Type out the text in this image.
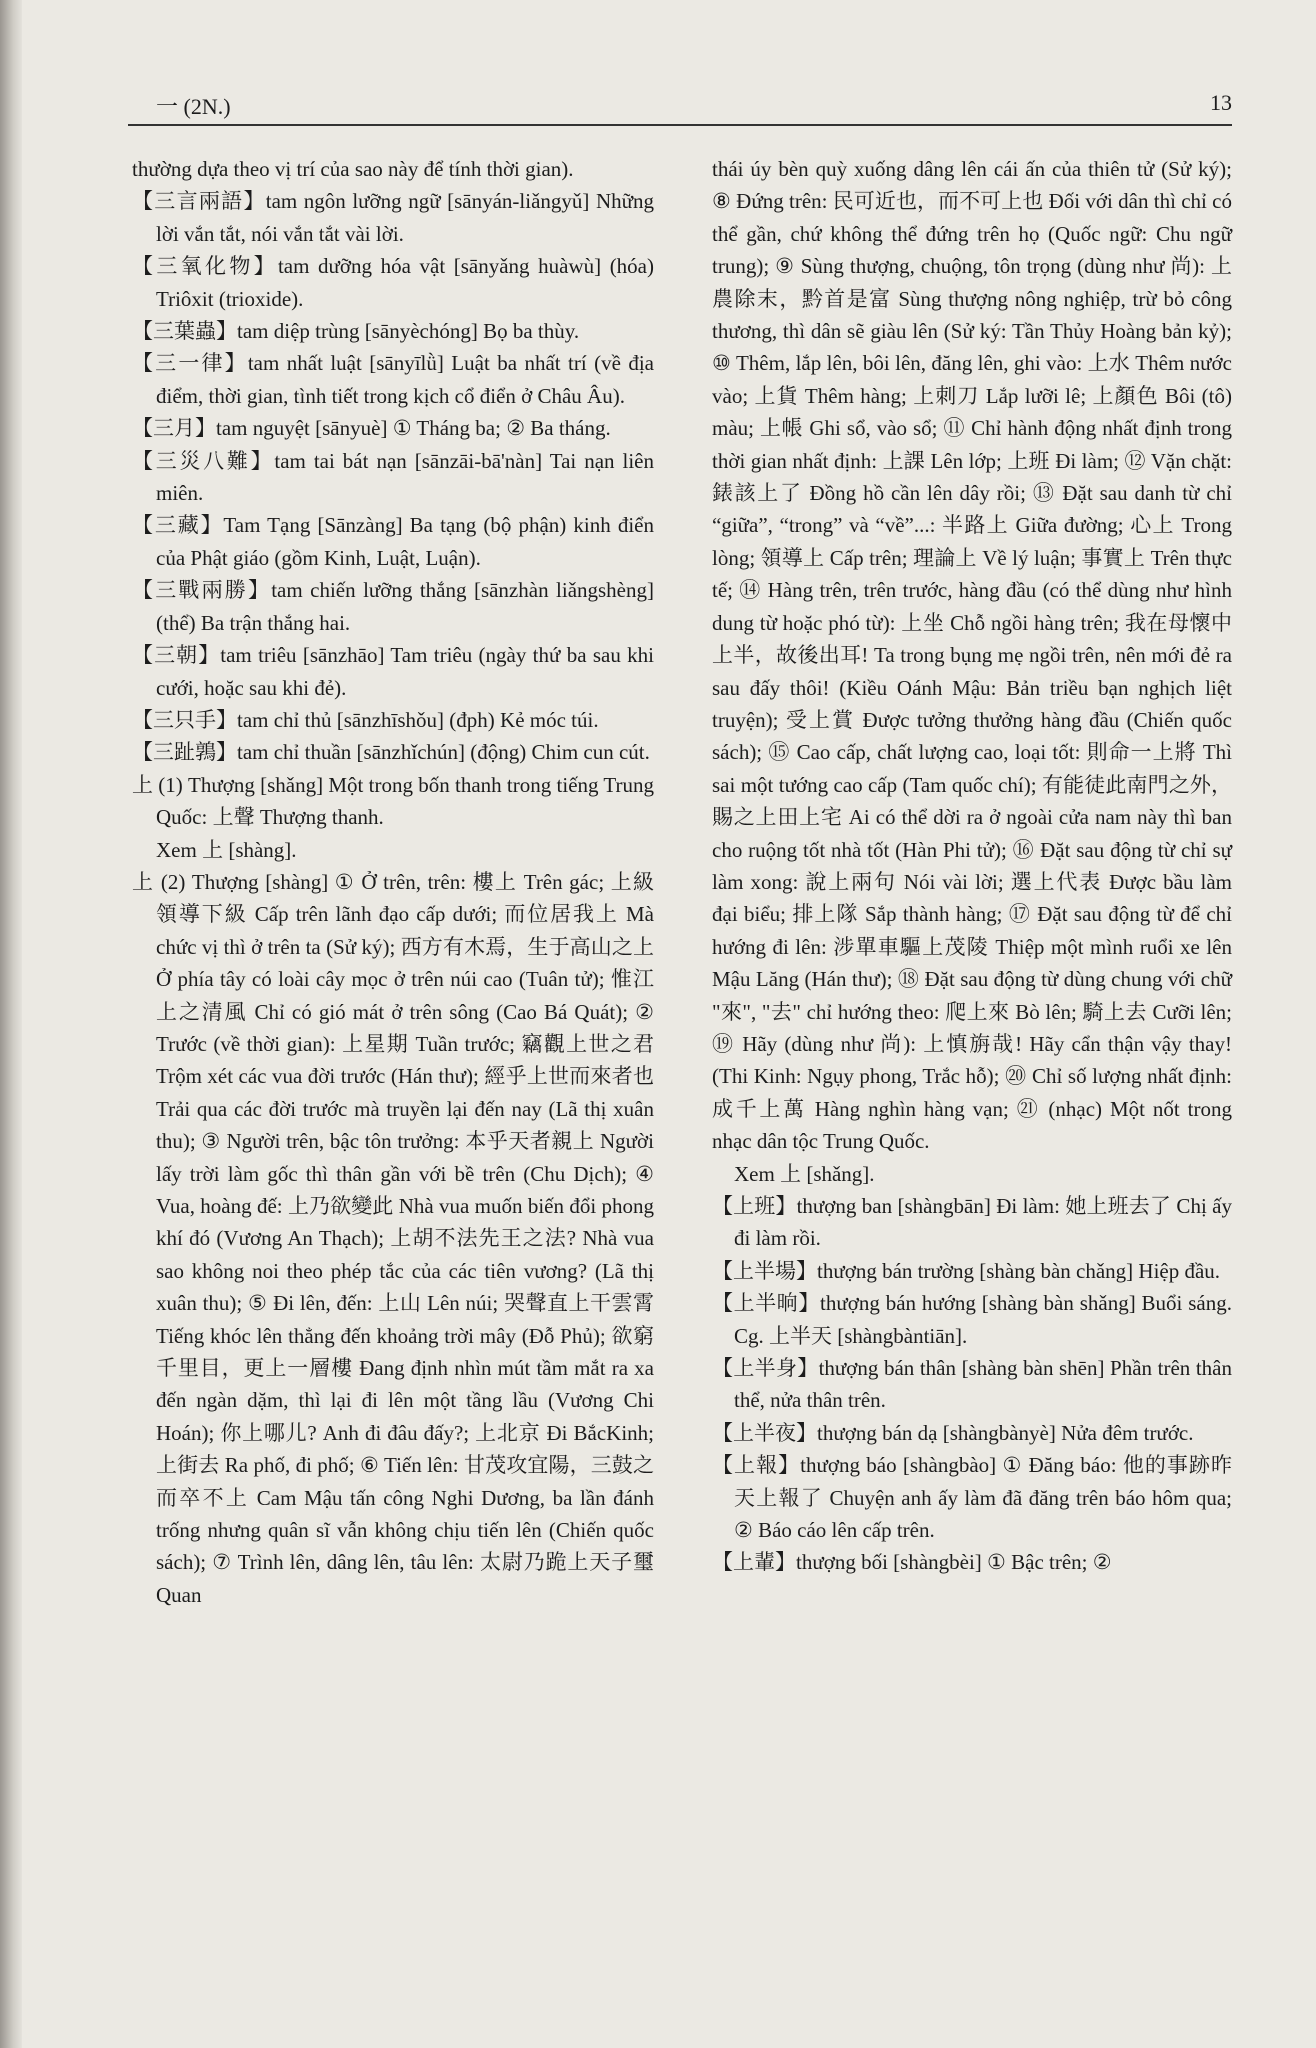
一 (2N.)	13

thường dựa theo vị trí của sao này để tính thời gian).

【三言兩語】tam ngôn lưỡng ngữ [sānyán-liǎngyǔ] Những lời vắn tắt, nói vắn tắt vài lời.

【三氧化物】tam dưỡng hóa vật [sānyǎng huàwù] (hóa) Triôxit (trioxide).

【三葉蟲】tam diệp trùng [sānyèchóng] Bọ ba thùy.

【三一律】tam nhất luật [sānyīlǜ] Luật ba nhất trí (về địa điểm, thời gian, tình tiết trong kịch cổ điển ở Châu Âu).

【三月】tam nguyệt [sānyuè] ① Tháng ba; ② Ba tháng.

【三災八難】tam tai bát nạn [sānzāi-bā'nàn] Tai nạn liên miên.

【三藏】Tam Tạng [Sānzàng] Ba tạng (bộ phận) kinh điển của Phật giáo (gồm Kinh, Luật, Luận).

【三戰兩勝】tam chiến lưỡng thắng [sānzhàn liǎngshèng] (thể) Ba trận thắng hai.

【三朝】tam triêu [sānzhāo] Tam triêu (ngày thứ ba sau khi cưới, hoặc sau khi đẻ).

【三只手】tam chỉ thủ [sānzhīshǒu] (đph) Kẻ móc túi.

【三趾鶉】tam chỉ thuần [sānzhǐchún] (động) Chim cun cút.

上 (1) Thượng [shǎng] Một trong bốn thanh trong tiếng Trung Quốc: 上聲 Thượng thanh.

Xem 上 [shàng].

上 (2) Thượng [shàng] ① Ở trên, trên: 樓上 Trên gác; 上級領導下級 Cấp trên lãnh đạo cấp dưới; 而位居我上 Mà chức vị thì ở trên ta (Sử ký); 西方有木焉，生于高山之上 Ở phía tây có loài cây mọc ở trên núi cao (Tuân tử); 惟江上之清風 Chỉ có gió mát ở trên sông (Cao Bá Quát); ② Trước (về thời gian): 上星期 Tuần trước; 竊觀上世之君 Trộm xét các vua đời trước (Hán thư); 經乎上世而來者也 Trải qua các đời trước mà truyền lại đến nay (Lã thị xuân thu); ③ Người trên, bậc tôn trưởng: 本乎天者親上 Người lấy trời làm gốc thì thân gần với bề trên (Chu Dịch); ④ Vua, hoàng đế: 上乃欲變此 Nhà vua muốn biến đổi phong khí đó (Vương An Thạch); 上胡不法先王之法? Nhà vua sao không noi theo phép tắc của các tiên vương? (Lã thị xuân thu); ⑤ Đi lên, đến: 上山 Lên núi; 哭聲直上干雲霄 Tiếng khóc lên thẳng đến khoảng trời mây (Đỗ Phủ); 欲窮千里目，更上一層樓 Đang định nhìn mút tầm mắt ra xa đến ngàn dặm, thì lại đi lên một tầng lầu (Vương Chi Hoán); 你上哪儿? Anh đi đâu đấy?; 上北京 Đi BắcKinh; 上街去 Ra phố, đi phố; ⑥ Tiến lên: 甘茂攻宜陽，三鼓之而卒不上 Cam Mậu tấn công Nghi Dương, ba lần đánh trống nhưng quân sĩ vẫn không chịu tiến lên (Chiến quốc sách); ⑦ Trình lên, dâng lên, tâu lên: 太尉乃跪上天子璽 Quan

thái úy bèn quỳ xuống dâng lên cái ấn của thiên tử (Sử ký); ⑧ Đứng trên: 民可近也，而不可上也 Đối với dân thì chỉ có thể gần, chứ không thể đứng trên họ (Quốc ngữ: Chu ngữ trung); ⑨ Sùng thượng, chuộng, tôn trọng (dùng như 尚): 上農除末，黔首是富 Sùng thượng nông nghiệp, trừ bỏ công thương, thì dân sẽ giàu lên (Sử ký: Tần Thủy Hoàng bản kỷ); ⑩ Thêm, lắp lên, bôi lên, đăng lên, ghi vào: 上水 Thêm nước vào; 上貨 Thêm hàng; 上刺刀 Lắp lưỡi lê; 上顏色 Bôi (tô) màu; 上帳 Ghi sổ, vào sổ; ⑪ Chỉ hành động nhất định trong thời gian nhất định: 上課 Lên lớp; 上班 Đi làm; ⑫ Vặn chặt: 錶該上了 Đồng hồ cần lên dây rồi; ⑬ Đặt sau danh từ chỉ “giữa”, “trong” và “về”...: 半路上 Giữa đường; 心上 Trong lòng; 領導上 Cấp trên; 理論上 Về lý luận; 事實上 Trên thực tế; ⑭ Hàng trên, trên trước, hàng đầu (có thể dùng như hình dung từ hoặc phó từ): 上坐 Chỗ ngồi hàng trên; 我在母懷中上半，故後出耳! Ta trong bụng mẹ ngồi trên, nên mới đẻ ra sau đấy thôi! (Kiều Oánh Mậu: Bản triều bạn nghịch liệt truyện); 受上賞 Được tưởng thưởng hàng đầu (Chiến quốc sách); ⑮ Cao cấp, chất lượng cao, loại tốt: 則命一上將 Thì sai một tướng cao cấp (Tam quốc chí); 有能徒此南門之外，賜之上田上宅 Ai có thể dời ra ở ngoài cửa nam này thì ban cho ruộng tốt nhà tốt (Hàn Phi tử); ⑯ Đặt sau động từ chỉ sự làm xong: 說上兩句 Nói vài lời; 選上代表 Được bầu làm đại biểu; 排上隊 Sắp thành hàng; ⑰ Đặt sau động từ để chỉ hướng đi lên: 涉單車驅上茂陵 Thiệp một mình ruổi xe lên Mậu Lăng (Hán thư); ⑱ Đặt sau động từ dùng chung với chữ "來", "去" chỉ hướng theo: 爬上來 Bò lên; 騎上去 Cưỡi lên; ⑲ Hãy (dùng như 尚): 上慎旃哉! Hãy cẩn thận vậy thay! (Thi Kinh: Ngụy phong, Trắc hỗ); ⑳ Chỉ số lượng nhất định: 成千上萬 Hàng nghìn hàng vạn; ㉑ (nhạc) Một nốt trong nhạc dân tộc Trung Quốc.

Xem 上 [shǎng].

【上班】thượng ban [shàngbān] Đi làm: 她上班去了 Chị ấy đi làm rồi.

【上半場】thượng bán trường [shàng bàn chǎng] Hiệp đầu.

【上半晌】thượng bán hướng [shàng bàn shǎng] Buổi sáng. Cg. 上半天 [shàngbàntiān].

【上半身】thượng bán thân [shàng bàn shēn] Phần trên thân thể, nửa thân trên.

【上半夜】thượng bán dạ [shàngbànyè] Nửa đêm trước.

【上報】thượng báo [shàngbào] ① Đăng báo: 他的事跡昨天上報了 Chuyện anh ấy làm đã đăng trên báo hôm qua; ② Báo cáo lên cấp trên.

【上輩】thượng bối [shàngbèi] ① Bậc trên; ②
